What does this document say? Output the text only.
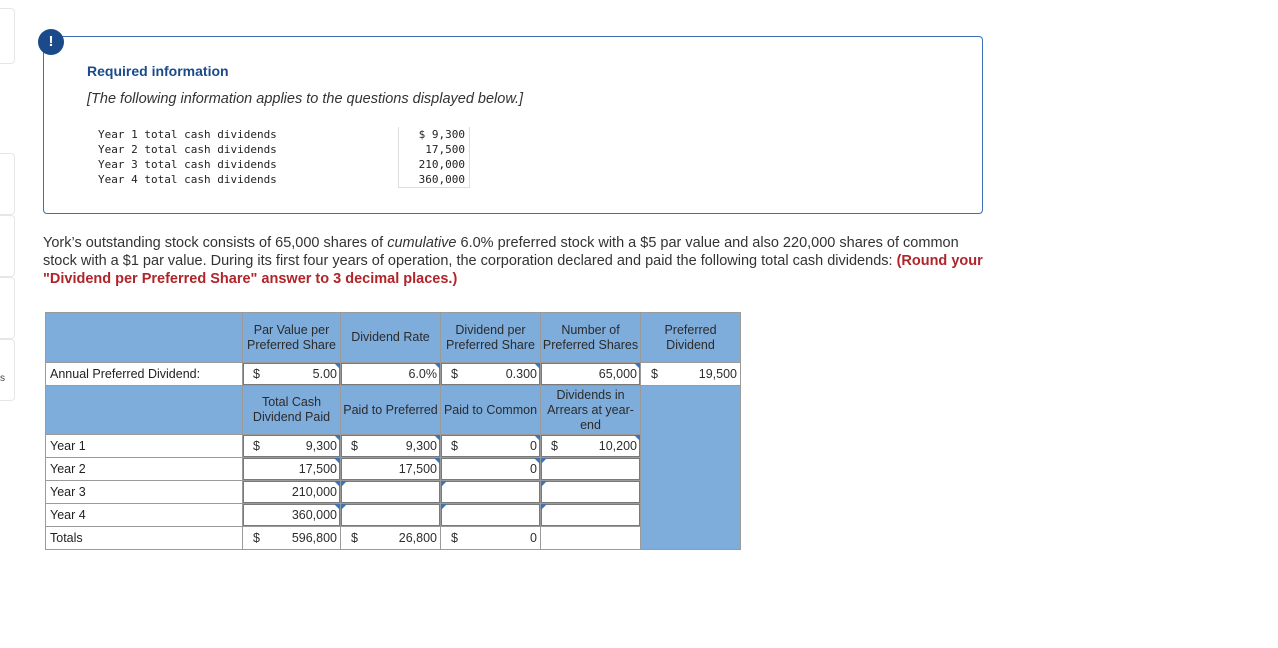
s
Required information
[The following information applies to the questions displayed below.]
Year 1 total cash dividends	$ 9,300
Year 2 total cash dividends	17,500
Year 3 total cash dividends	210,000
Year 4 total cash dividends	360,000
!
York’s outstanding stock consists of 65,000 shares of cumulative 6.0% preferred stock with a $5 par value and also 220,000 shares of common stock with a $1 par value. During its first four years of operation, the corporation declared and paid the following total cash dividends: (Round your "Dividend per Preferred Share" answer to 3 decimal places.)
	Par Value per Preferred Share	Dividend Rate	Dividend per Preferred Share	Number of Preferred Shares	Preferred Dividend
Annual Preferred Dividend:	$ 5.00	6.0%	$ 0.300	65,000	$ 19,500

	Total Cash Dividend Paid	Paid to Preferred	Paid to Common	Dividends in Arrears at year-end	
Year 1	$ 9,300	$ 9,300	$ 0	$ 10,200	

Year 2	17,500	17,500	0		

Year 3	210,000				

Year 4	360,000				

Totals	$ 596,800	$ 26,800	$ 0		
